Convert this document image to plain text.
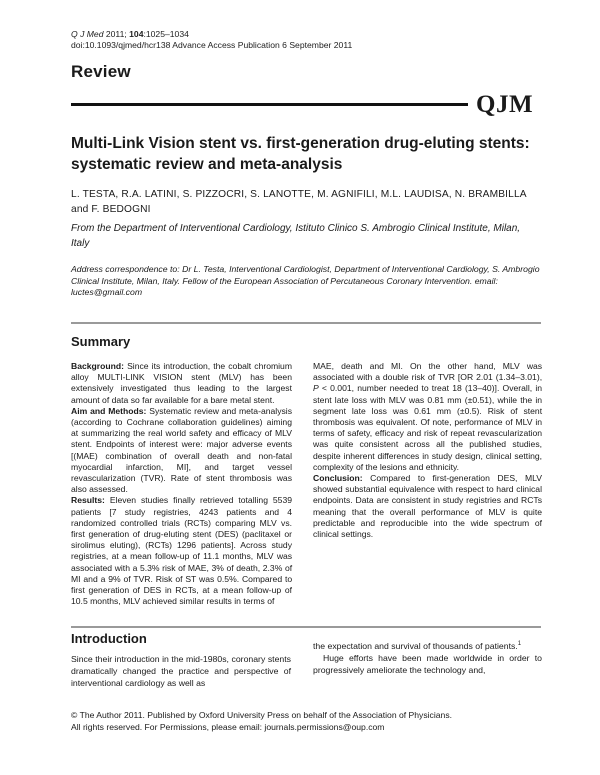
Q J Med 2011; 104:1025–1034
doi:10.1093/qjmed/hcr138 Advance Access Publication 6 September 2011
Review
QJM
Multi-Link Vision stent vs. first-generation drug-eluting stents: systematic review and meta-analysis
L. TESTA, R.A. LATINI, S. PIZZOCRI, S. LANOTTE, M. AGNIFILI, M.L. LAUDISA, N. BRAMBILLA and F. BEDOGNI
From the Department of Interventional Cardiology, Istituto Clinico S. Ambrogio Clinical Institute, Milan, Italy
Address correspondence to: Dr L. Testa, Interventional Cardiologist, Department of Interventional Cardiology, S. Ambrogio Clinical Institute, Milan, Italy. Fellow of the European Association of Percutaneous Coronary Intervention. email: luctes@gmail.com
Summary

Background: Since its introduction, the cobalt chromium alloy MULTI-LINK VISION stent (MLV) has been extensively investigated thus leading to the largest amount of data so far available for a bare metal stent.

Aim and Methods: Systematic review and meta-analysis (according to Cochrane collaboration guidelines) aiming at summarizing the real world safety and efficacy of MLV stent. Endpoints of interest were: major adverse events [(MAE) combination of overall death and non-fatal myocardial infarction, MI], and target vessel revascularization (TVR). Rate of stent thrombosis was also assessed.

Results: Eleven studies finally retrieved totalling 5539 patients [7 study registries, 4243 patients and 4 randomized controlled trials (RCTs) comparing MLV vs. first generation of drug-eluting stent (DES) (paclitaxel or sirolimus eluting), (RCTs) 1296 patients]. Across study registries, at a mean follow-up of 11.1 months, MLV was associated with a 5.3% risk of MAE, 3% of death, 2.3% of MI and a 9% of TVR. Risk of ST was 0.5%. Compared to first generation of DES in RCTs, at a mean follow-up of 10.5 months, MLV achieved similar results in terms of

MAE, death and MI. On the other hand, MLV was associated with a double risk of TVR [OR 2.01 (1.34–3.01), P < 0.001, number needed to treat 18 (13–40)]. Overall, in stent late loss with MLV was 0.81 mm (±0.51), while the in segment late loss was 0.61 mm (±0.5). Risk of stent thrombosis was equivalent. Of note, performance of MLV in terms of safety, efficacy and risk of repeat revascularization was quite consistent across all the published studies, despite inherent differences in study design, clinical setting, complexity of the lesions and ethnicity.

Conclusion: Compared to first-generation DES, MLV showed substantial equivalence with respect to hard clinical endpoints. Data are consistent in study registries and RCTs meaning that the overall performance of MLV is quite predictable and reproducible into the wide spectrum of clinical settings.

Introduction
Since their introduction in the mid-1980s, coronary stents dramatically changed the practice and perspective of interventional cardiology as well as

the expectation and survival of thousands of patients.$^1$

Huge efforts have been made worldwide in order to progressively ameliorate the technology and,

© The Author 2011. Published by Oxford University Press on behalf of the Association of Physicians.
All rights reserved. For Permissions, please email: journals.permissions@oup.com
